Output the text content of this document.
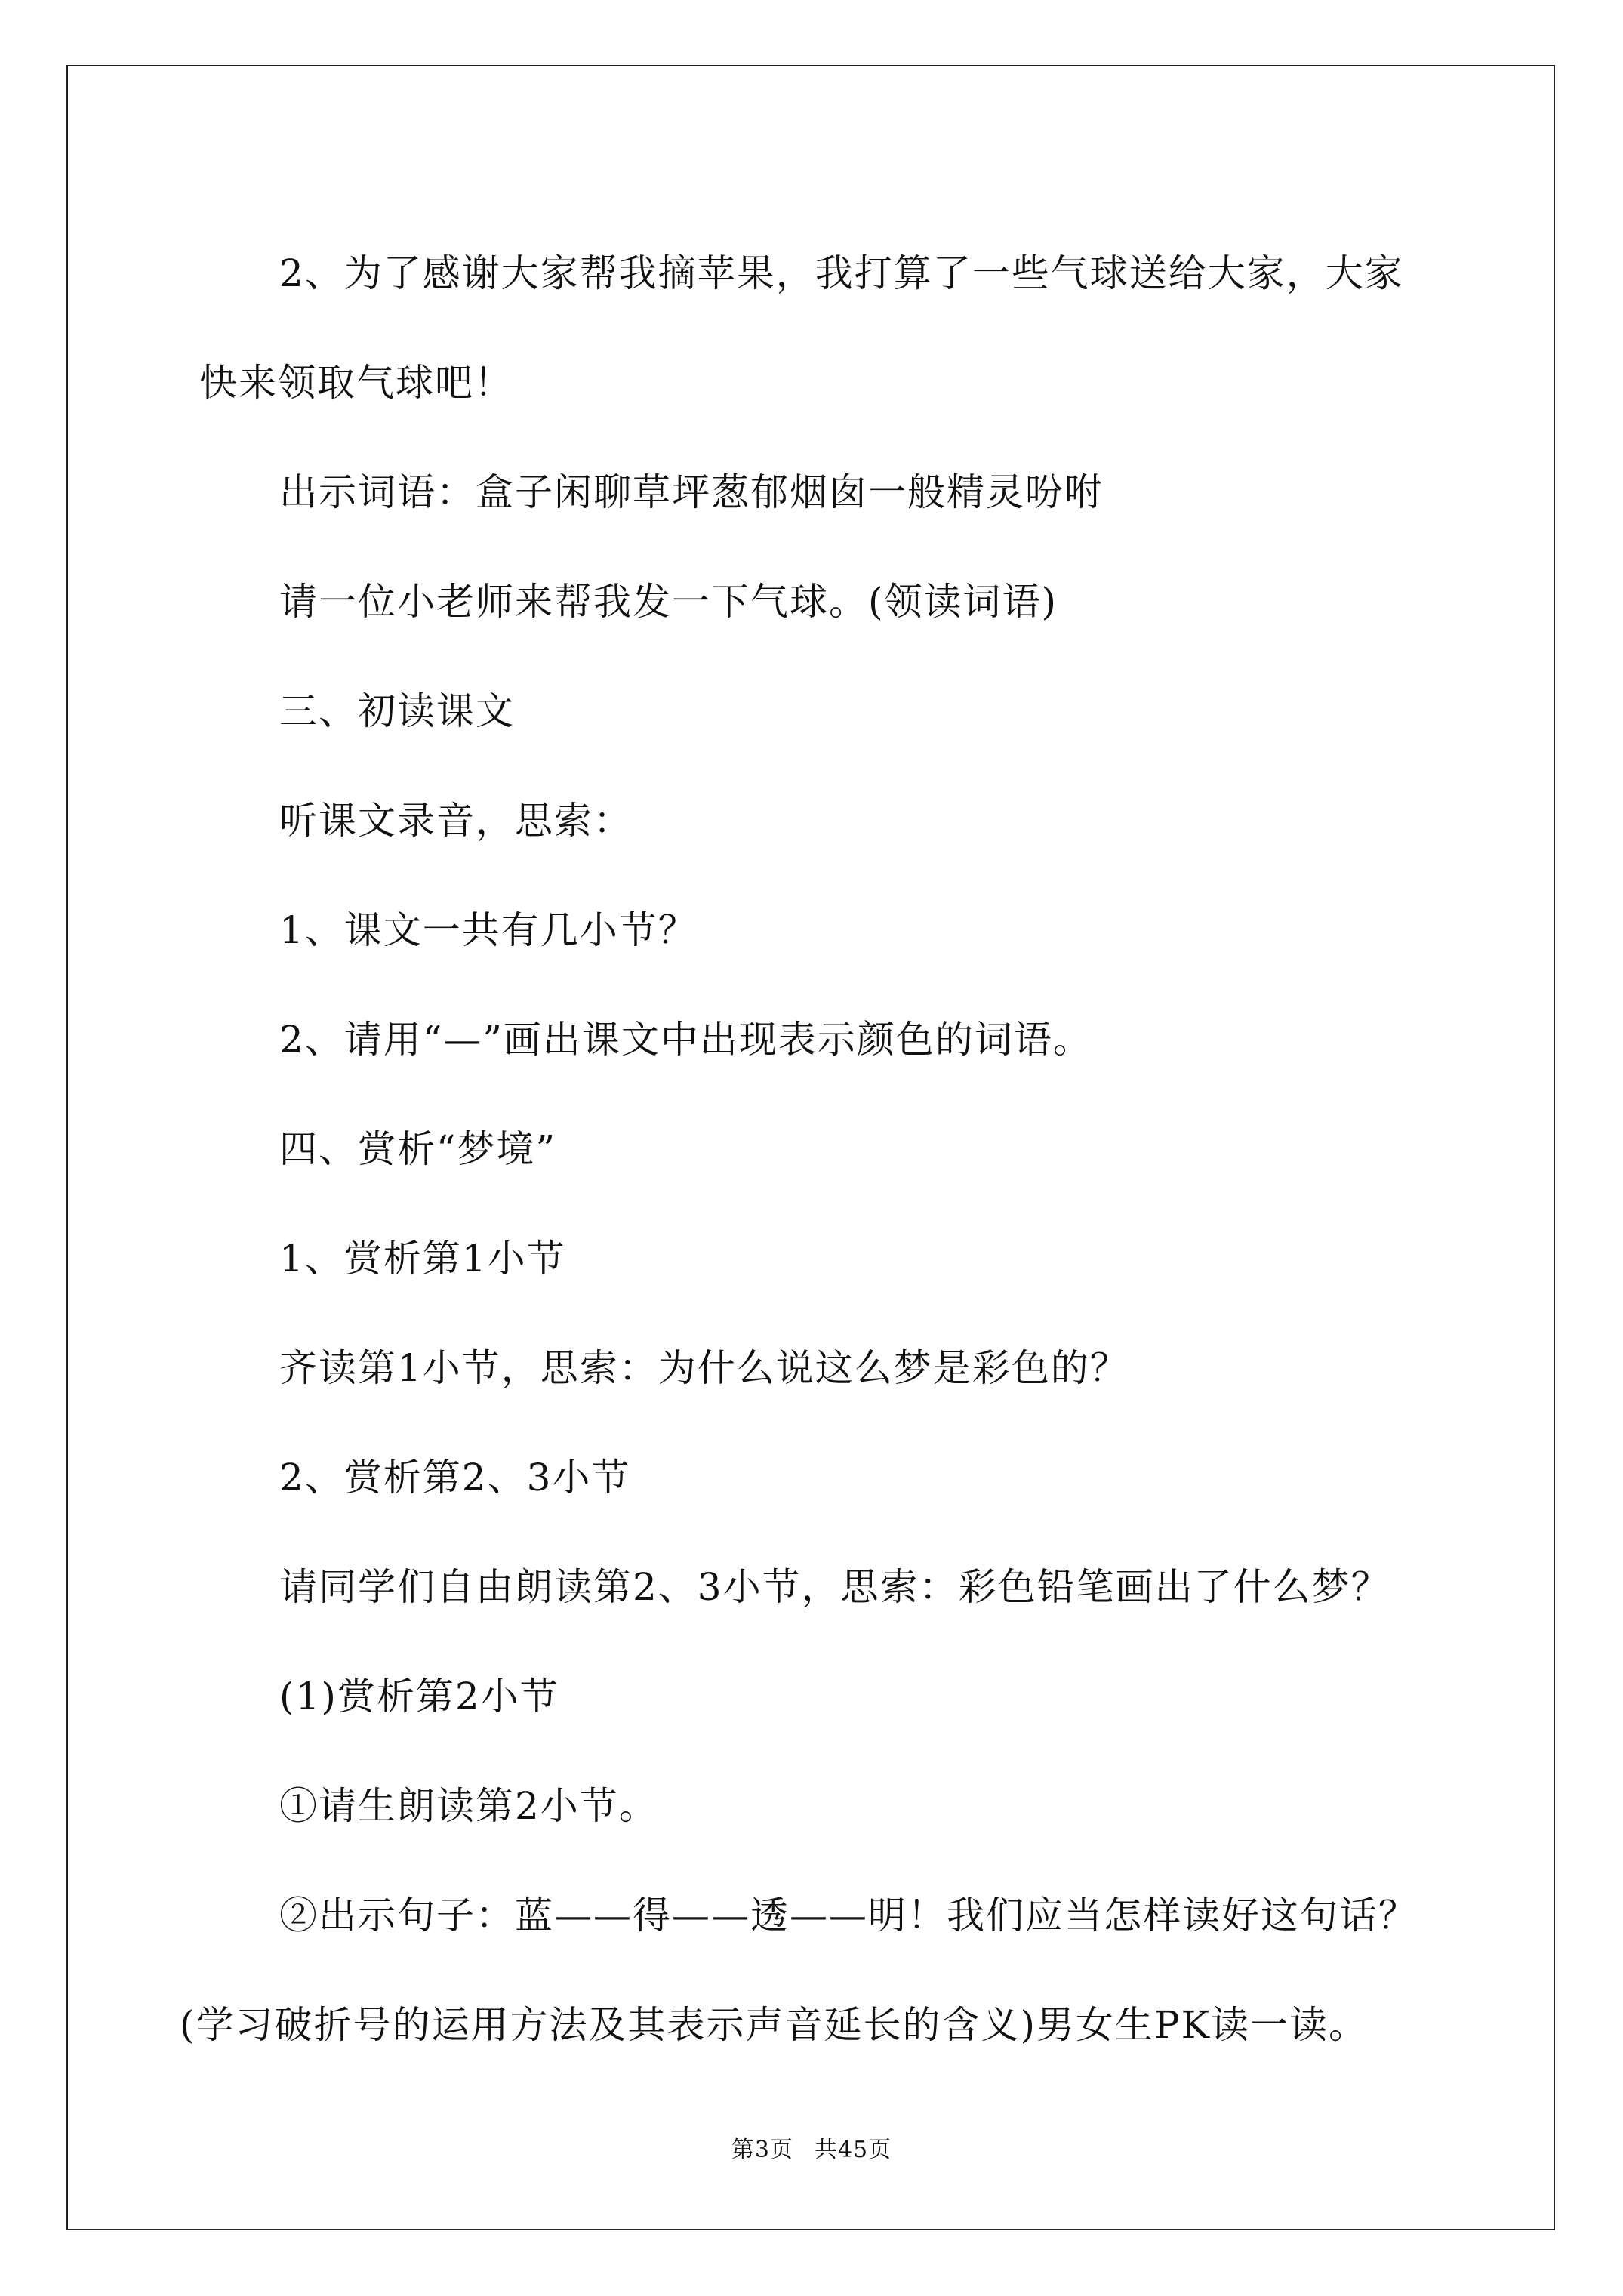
2、为了感谢大家帮我摘苹果，我打算了一些气球送给大家，大家

快来领取气球吧！

出示词语：盒子闲聊草坪葱郁烟囱一般精灵吩咐

请一位小老师来帮我发一下气球。(领读词语)

三、初读课文

听课文录音，思索：

1、课文一共有几小节？

2、请用“—”画出课文中出现表示颜色的词语。

四、赏析“梦境”

1、赏析第1小节

齐读第1小节，思索：为什么说这么梦是彩色的？

2、赏析第2、3小节

请同学们自由朗读第2、3小节，思索：彩色铅笔画出了什么梦？

(1)赏析第2小节

①请生朗读第2小节。

②出示句子：蓝——得——透——明！我们应当怎样读好这句话？

(学习破折号的运用方法及其表示声音延长的含义)男女生PK读一读。

第3页 共45页
